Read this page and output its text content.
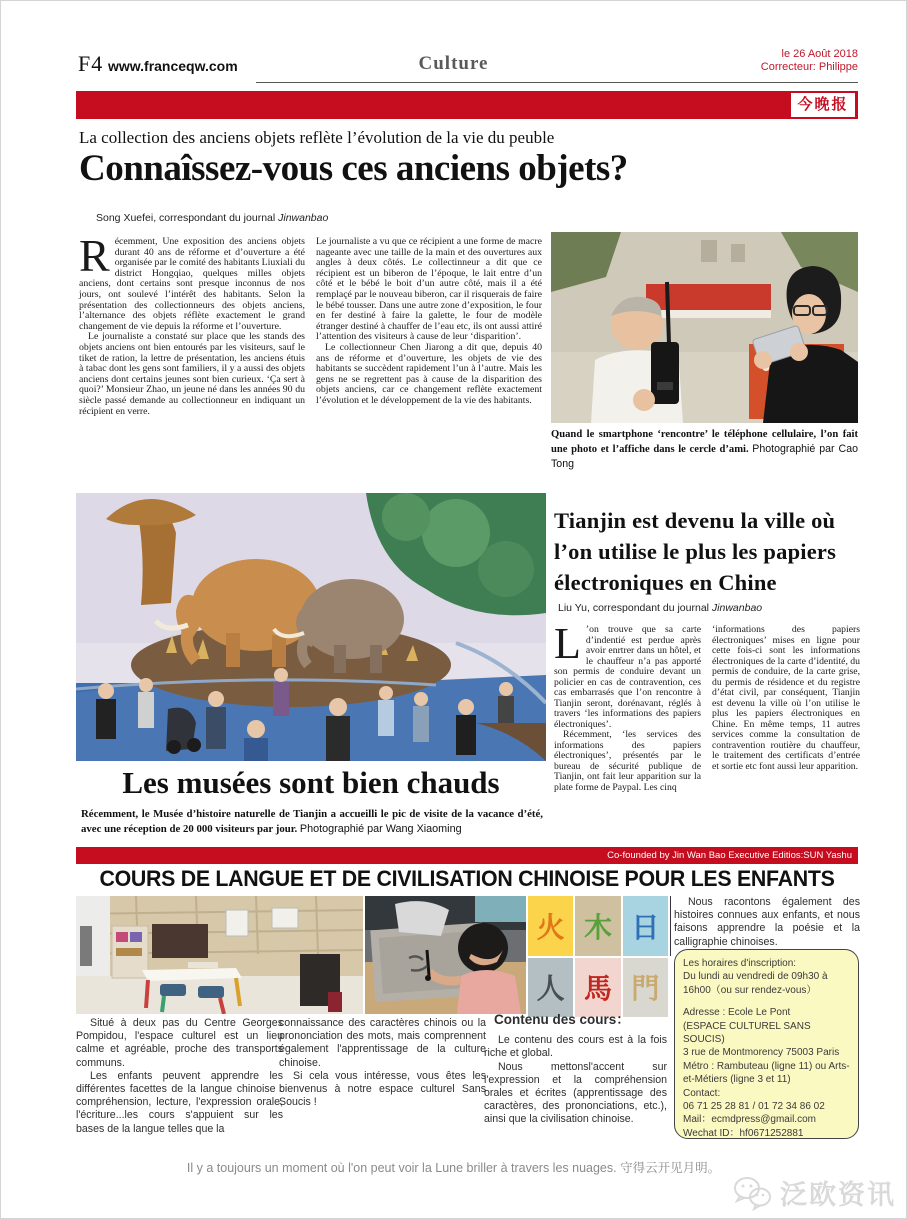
F4 www.franceqw.com	Culture	le 26 Août 2018
Correcteur: Philippe
今晚报
La collection des anciens objets reflète l’évolution de la vie du peuble
Connaîssez-vous ces anciens objets?
Song Xuefei, correspondant du journal Jinwanbao

Récemment, Une exposition des anciens objets durant 40 ans de réforme et d’ouverture a été organisée par le comité des habitants Liuxiali du district Hongqiao, quelques milles objets anciens, dont certains sont presque inconnus de nos jours, ont soulevé l’intérêt des habitants. Selon la présentation des collectionneurs des objets anciens, l’alternance des objets réflète exactement le grand changement de vie depuis la réforme et l’ouverture.

Le journaliste a constaté sur place que les stands des objets anciens ont bien entourés par les visiteurs, sauf le tiket de ration, la lettre de présentation, les anciens étuis à tabac dont les gens sont familiers, il y a aussi des objets anciens dont certains jeunes sont bien curieux. ‘Ça sert à quoi?’ Monsieur Zhao, un jeune né dans les années 90 du siècle passé demande au collectionneur en indiquant un récipient en verre.

Le journaliste a vu que ce récipient a une forme de macre nageante avec une taille de la main et des ouvertures aux angles à deux côtés. Le collectinneur a dit que ce récipient est un biberon de l’époque, le lait entre d’un côté et le bébé le boit d’un autre côté, mais il a été remplaçé par le nouveau biberon, car il risquerais de faire le bébé tousser. Dans une autre zone d’exposition, le four en fer destiné à faire la galette, le four de modèle étranger destiné à chauffer de l’eau etc, ils ont aussi attiré l’attention des visiteurs à cause de leur ‘disparition’.

Le collectionneur Chen Jiarong a dit que, depuis 40 ans de réforme et d’ouverture, les objets de vie des habitants se succèdent rapidement l’un à l’autre. Mais les gens ne se regrettent pas à cause de la disparition des objets anciens, car ce changement reflète exactement l’évolution et le développement de la vie des habitants.

Quand le smartphone ‘rencontre’ le téléphone cellulaire, l’on fait une photo et l’affiche dans le cercle d’ami. Photographié par Cao Tong
Les musées sont bien chauds
Récemment, le Musée d’histoire naturelle de Tianjin a accueilli le pic de visite de la vacance d’été, avec une réception de 20 000 visiteurs par jour. Photographié par Wang Xiaoming
Tianjin est devenu la ville où l’on utilise le plus les papiers électroniques en Chine
Liu Yu, correspondant du journal Jinwanbao

L ’on trouve que sa carte d’indentié est perdue après avoir enrtrer dans un hôtel, et le chauffeur n’a pas apporté son permis de conduire devant un policier en cas de contravention, ces cas embarrasés que l’on rencontre à Tianjin seront, dorénavant, réglés à travers ‘les informations des papiers électroniques’.

Récemment, ‘les services des informations des papiers électroniques’, présentés par le bureau de sécurité publique de Tianjin, ont fait leur apparition sur la plate forme de Paypal. Les cinq

‘informations des papiers électroniques’ mises en ligne pour cette fois-ci sont les informations électroniques de la carte d’identité, du permis de conduire, de la carte grise, du permis de résidence et du registre d’état civil, par conséquent, Tianjin est devenu la ville où l’on utilise le plus les papiers électroniques en Chine. En même temps, 11 autres services comme la consultation de contravention routière du chauffeur, le traitement des certificats d’entrée et sortie etc font aussi leur apparition.

Co-founded by Jin Wan Bao Executive Editios:SUN Yashu
COURS DE LANGUE ET DE CIVILISATION CHINOISE POUR LES ENFANTS
火 木 日
人 馬 門

Nous racontons également des histoires connues aux enfants, et nous faisons apprendre la poésie et la calligraphie chinoises.

Les horaires d'inscription:
Du lundi au vendredi de 09h30 à 16h00（ou sur rendez-vous）
Adresse : Ecole Le Pont
(ESPACE CULTUREL SANS SOUCIS)
3 rue de Montmorency 75003 Paris
Métro : Rambuteau (ligne 11) ou Arts-et-Métiers (ligne 3 et 11)
Contact:
06 71 25 28 81 / 01 72 34 86 02
Mail：ecmdpress@gmail.com
Wechat ID：hf0671252881

Situé à deux pas du Centre Georges Pompidou, l'espace culturel est un lieu calme et agréable, proche des transports communs.

Les enfants peuvent apprendre les différentes facettes de la langue chinoise : compréhension, lecture, l'expression orale, l'écriture...les cours s'appuient sur les bases de la langue telles que la

connaissance des caractères chinois ou la prononciation des mots, mais comprennent également l'apprentissage de la culture chinoise.

Si cela vous intéresse, vous êtes les bienvenus à notre espace culturel Sans Soucis !

Contenu des cours：

Le contenu des cours est à la fois riche et global.

Nous mettonsl'accent sur l'expression et la compréhension orales et écrites (apprentissage des caractères, des prononciations, etc.), ainsi que la civilisation chinoise.

Il y a toujours un moment où l'on peut voir la Lune briller à travers les nuages. 守得云开见月明。
泛欧资讯
